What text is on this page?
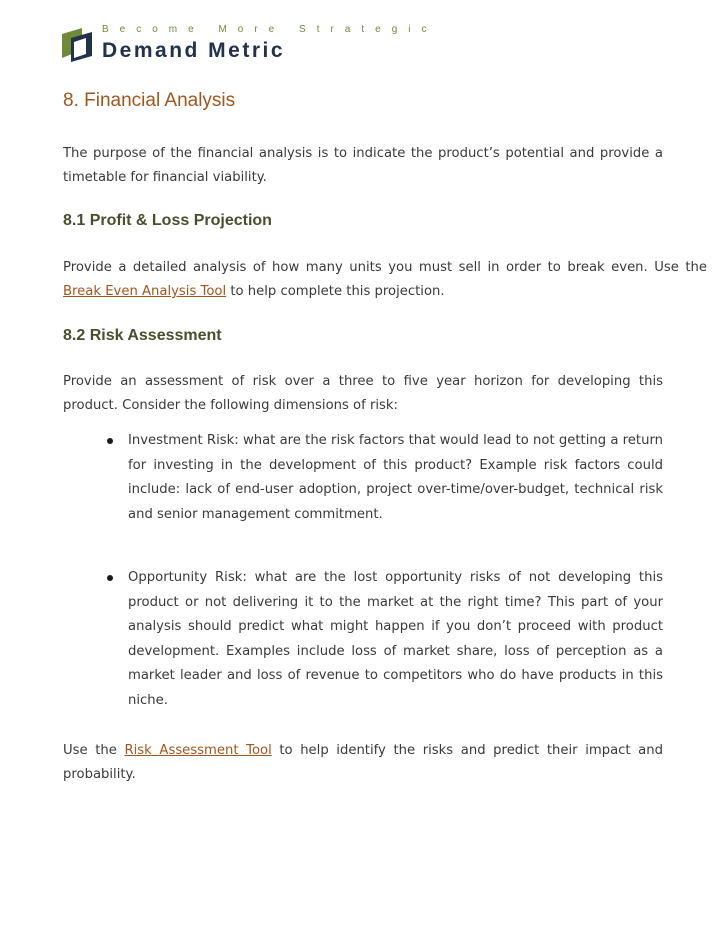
Become More Strategic
Demand Metric
8. Financial Analysis

The purpose of the financial analysis is to indicate the product’s potential and provide a timetable for financial viability.

8.1 Profit & Loss Projection

Provide a detailed analysis of how many units you must sell in order to break even. Use the Break Even Analysis Tool to help complete this projection.

8.2 Risk Assessment

Provide an assessment of risk over a three to five year horizon for developing this product. Consider the following dimensions of risk:

Investment Risk: what are the risk factors that would lead to not getting a return for investing in the development of this product? Example risk factors could include: lack of end-user adoption, project over-time/over-budget, technical risk and senior management commitment.

Opportunity Risk: what are the lost opportunity risks of not developing this product or not delivering it to the market at the right time? This part of your analysis should predict what might happen if you don’t proceed with product development. Examples include loss of market share, loss of perception as a market leader and loss of revenue to competitors who do have products in this niche.

Use the Risk Assessment Tool to help identify the risks and predict their impact and probability.
